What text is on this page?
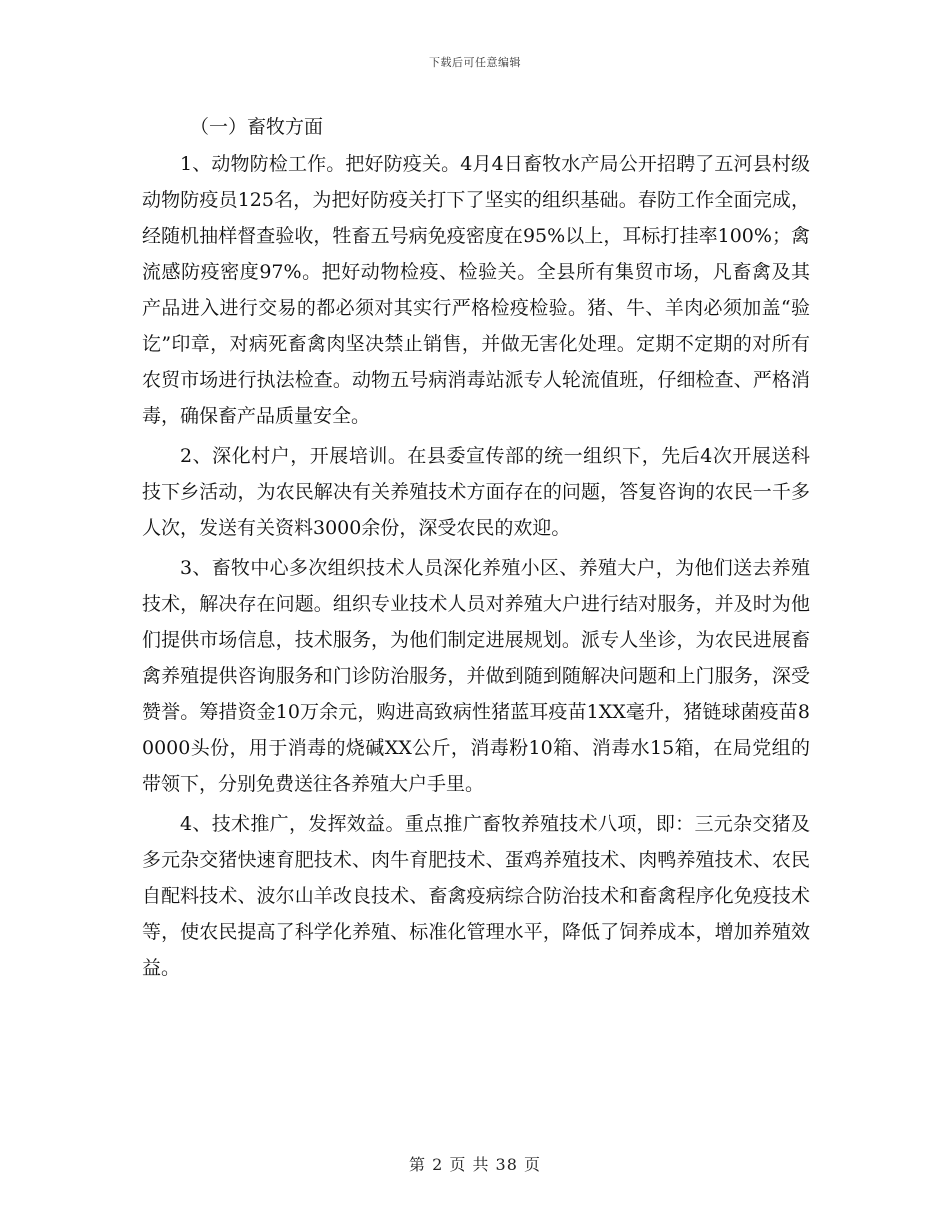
下载后可任意编辑
（一）畜牧方面

1、动物防检工作。把好防疫关。4月4日畜牧水产局公开招聘了五河县村级动物防疫员125名，为把好防疫关打下了坚实的组织基础。春防工作全面完成，经随机抽样督查验收，牲畜五号病免疫密度在95%以上，耳标打挂率100%；禽流感防疫密度97%。把好动物检疫、检验关。全县所有集贸市场，凡畜禽及其产品进入进行交易的都必须对其实行严格检疫检验。猪、牛、羊肉必须加盖“验讫”印章，对病死畜禽肉坚决禁止销售，并做无害化处理。定期不定期的对所有农贸市场进行执法检查。动物五号病消毒站派专人轮流值班，仔细检查、严格消毒，确保畜产品质量安全。

2、深化村户，开展培训。在县委宣传部的统一组织下，先后4次开展送科技下乡活动，为农民解决有关养殖技术方面存在的问题，答复咨询的农民一千多人次，发送有关资料3000余份，深受农民的欢迎。

3、畜牧中心多次组织技术人员深化养殖小区、养殖大户，为他们送去养殖技术，解决存在问题。组织专业技术人员对养殖大户进行结对服务，并及时为他们提供市场信息，技术服务，为他们制定进展规划。派专人坐诊，为农民进展畜禽养殖提供咨询服务和门诊防治服务，并做到随到随解决问题和上门服务，深受赞誉。筹措资金10万余元，购进高致病性猪蓝耳疫苗1XX毫升，猪链球菌疫苗80000头份，用于消毒的烧碱XX公斤，消毒粉10箱、消毒水15箱，在局党组的带领下，分别免费送往各养殖大户手里。

4、技术推广，发挥效益。重点推广畜牧养殖技术八项，即：三元杂交猪及多元杂交猪快速育肥技术、肉牛育肥技术、蛋鸡养殖技术、肉鸭养殖技术、农民自配料技术、波尔山羊改良技术、畜禽疫病综合防治技术和畜禽程序化免疫技术等，使农民提高了科学化养殖、标准化管理水平，降低了饲养成本，增加养殖效益。

第 2 页 共 38 页
